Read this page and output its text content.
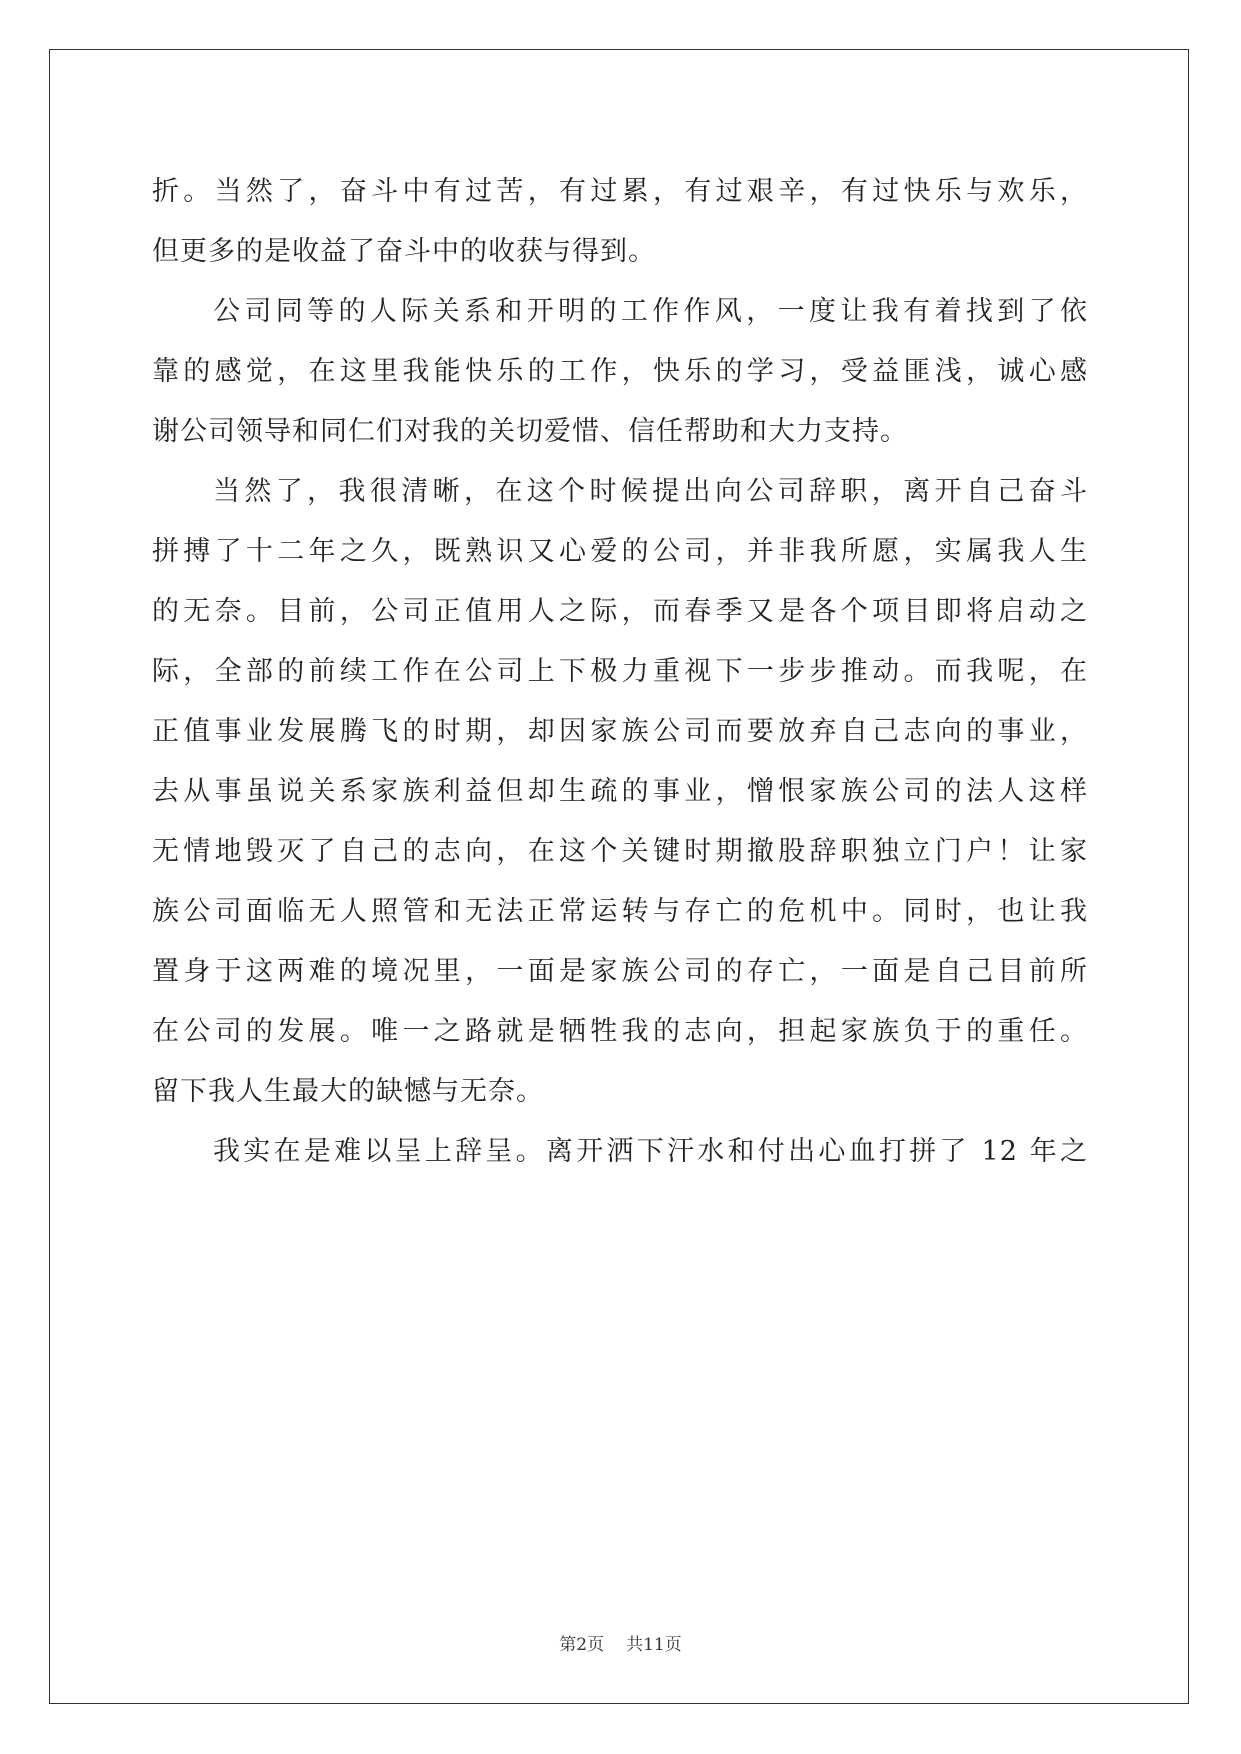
折。当然了，奋斗中有过苦，有过累，有过艰辛，有过快乐与欢乐，
但更多的是收益了奋斗中的收获与得到。
公司同等的人际关系和开明的工作作风，一度让我有着找到了依
靠的感觉，在这里我能快乐的工作，快乐的学习，受益匪浅，诚心感
谢公司领导和同仁们对我的关切爱惜、信任帮助和大力支持。
当然了，我很清晰，在这个时候提出向公司辞职，离开自己奋斗
拼搏了十二年之久，既熟识又心爱的公司，并非我所愿，实属我人生
的无奈。目前，公司正值用人之际，而春季又是各个项目即将启动之
际，全部的前续工作在公司上下极力重视下一步步推动。而我呢，在
正值事业发展腾飞的时期，却因家族公司而要放弃自己志向的事业，
去从事虽说关系家族利益但却生疏的事业，憎恨家族公司的法人这样
无情地毁灭了自己的志向，在这个关键时期撤股辞职独立门户！让家
族公司面临无人照管和无法正常运转与存亡的危机中。同时，也让我
置身于这两难的境况里，一面是家族公司的存亡，一面是自己目前所
在公司的发展。唯一之路就是牺牲我的志向，担起家族负于的重任。
留下我人生最大的缺憾与无奈。
我实在是难以呈上辞呈。离开洒下汗水和付出心血打拼了 12 年之
第2页 共11页
